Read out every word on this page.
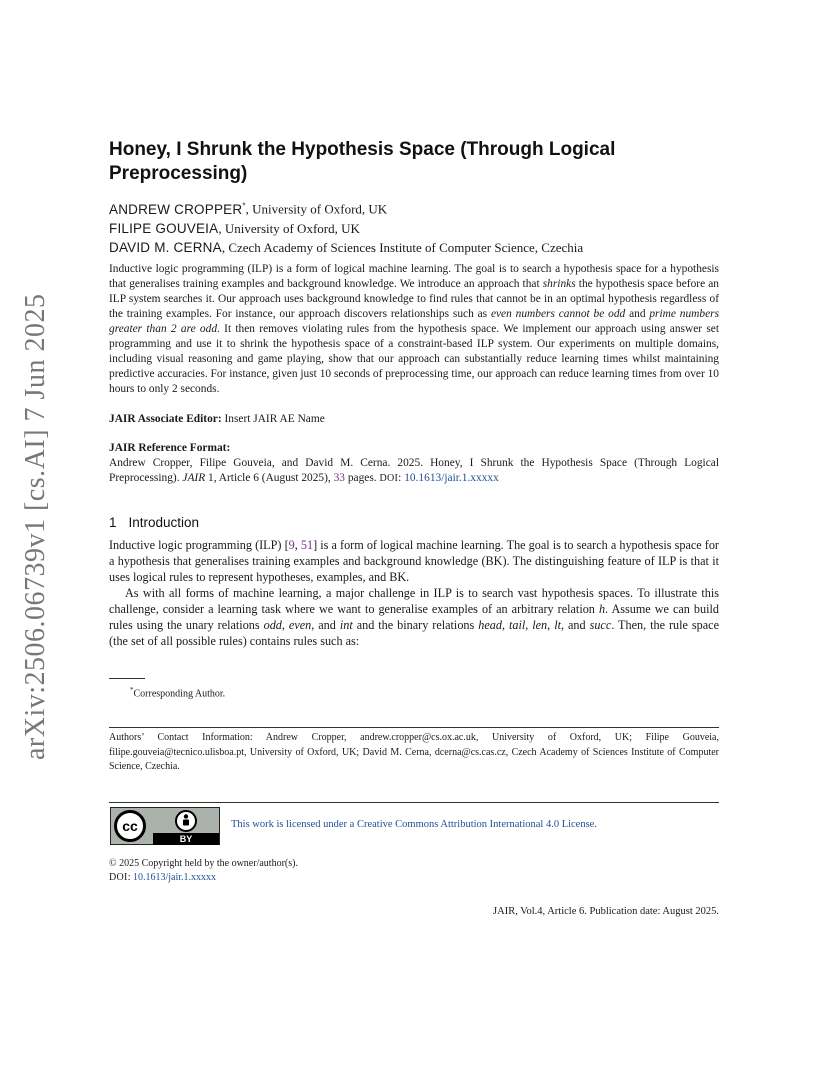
arXiv:2506.06739v1 [cs.AI] 7 Jun 2025
Honey, I Shrunk the Hypothesis Space (Through Logical Preprocessing)
ANDREW CROPPER*, University of Oxford, UK
FILIPE GOUVEIA, University of Oxford, UK
DAVID M. CERNA, Czech Academy of Sciences Institute of Computer Science, Czechia
Inductive logic programming (ILP) is a form of logical machine learning. The goal is to search a hypothesis space for a hypothesis that generalises training examples and background knowledge. We introduce an approach that shrinks the hypothesis space before an ILP system searches it. Our approach uses background knowledge to find rules that cannot be in an optimal hypothesis regardless of the training examples. For instance, our approach discovers relationships such as even numbers cannot be odd and prime numbers greater than 2 are odd. It then removes violating rules from the hypothesis space. We implement our approach using answer set programming and use it to shrink the hypothesis space of a constraint-based ILP system. Our experiments on multiple domains, including visual reasoning and game playing, show that our approach can substantially reduce learning times whilst maintaining predictive accuracies. For instance, given just 10 seconds of preprocessing time, our approach can reduce learning times from over 10 hours to only 2 seconds.
JAIR Associate Editor: Insert JAIR AE Name
JAIR Reference Format:
Andrew Cropper, Filipe Gouveia, and David M. Cerna. 2025. Honey, I Shrunk the Hypothesis Space (Through Logical Preprocessing). JAIR 1, Article 6 (August 2025), 33 pages. DOI: 10.1613/jair.1.xxxxx
1 Introduction

Inductive logic programming (ILP) [9, 51] is a form of logical machine learning. The goal is to search a hypothesis space for a hypothesis that generalises training examples and background knowledge (BK). The distinguishing feature of ILP is that it uses logical rules to represent hypotheses, examples, and BK.

As with all forms of machine learning, a major challenge in ILP is to search vast hypothesis spaces. To illustrate this challenge, consider a learning task where we want to generalise examples of an arbitrary relation h. Assume we can build rules using the unary relations odd, even, and int and the binary relations head, tail, len, lt, and succ. Then, the rule space (the set of all possible rules) contains rules such as:

*Corresponding Author.
Authors’ Contact Information: Andrew Cropper, andrew.cropper@cs.ox.ac.uk, University of Oxford, UK; Filipe Gouveia, filipe.gouveia@tecnico.ulisboa.pt, University of Oxford, UK; David M. Cerna, dcerna@cs.cas.cz, Czech Academy of Sciences Institute of Computer Science, Czechia.
cc
BY
This work is licensed under a Creative Commons Attribution International 4.0 License.
© 2025 Copyright held by the owner/author(s).
DOI: 10.1613/jair.1.xxxxx
JAIR, Vol.4, Article 6. Publication date: August 2025.
